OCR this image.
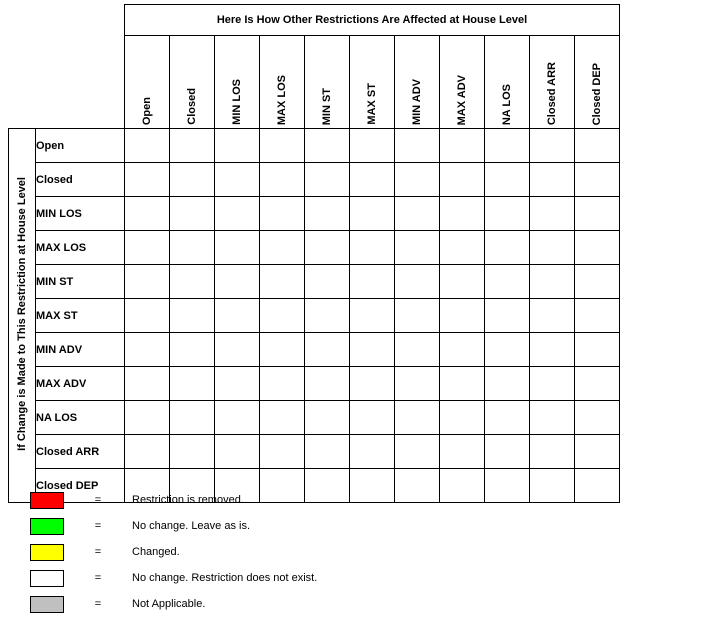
		Here Is How Other Restrictions Are Affected at House Level										
		Open	Closed	MIN LOS	MAX LOS	MIN ST	MAX ST	MIN ADV	MAX ADV	NA LOS	Closed ARR	Closed DEP
If Change is Made to This Restriction at House Level	Open											
	Closed											
	MIN LOS											
	MAX LOS											
	MIN ST											
	MAX ST											
	MIN ADV											
	MAX ADV											
	NA LOS											
	Closed ARR											
	Closed DEP											
=	Restriction is removed.
=	No change. Leave as is.
=	Changed.
=	No change. Restriction does not exist.
=	Not Applicable.
